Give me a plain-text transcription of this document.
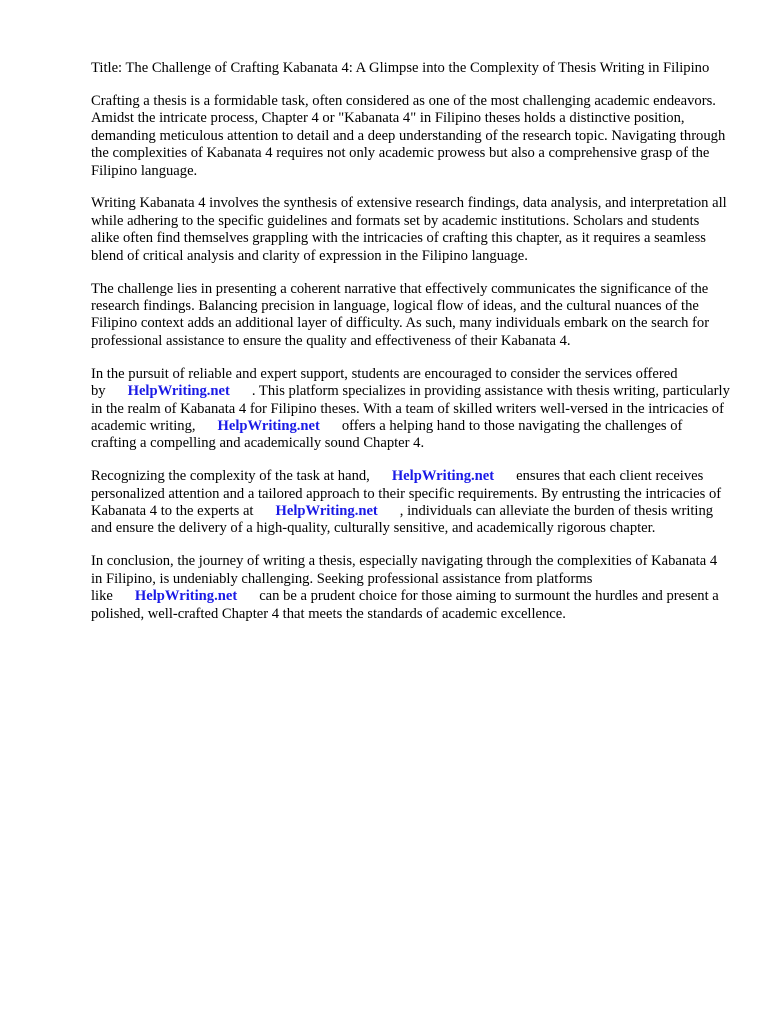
Title: The Challenge of Crafting Kabanata 4: A Glimpse into the Complexity of Thesis Writing in Filipino

Crafting a thesis is a formidable task, often considered as one of the most challenging academic endeavors. Amidst the intricate process, Chapter 4 or "Kabanata 4" in Filipino theses holds a distinctive position, demanding meticulous attention to detail and a deep understanding of the research topic. Navigating through the complexities of Kabanata 4 requires not only academic prowess but also a comprehensive grasp of the Filipino language.

Writing Kabanata 4 involves the synthesis of extensive research findings, data analysis, and interpretation all while adhering to the specific guidelines and formats set by academic institutions. Scholars and students alike often find themselves grappling with the intricacies of crafting this chapter, as it requires a seamless blend of critical analysis and clarity of expression in the Filipino language.

The challenge lies in presenting a coherent narrative that effectively communicates the significance of the research findings. Balancing precision in language, logical flow of ideas, and the cultural nuances of the Filipino context adds an additional layer of difficulty. As such, many individuals embark on the search for professional assistance to ensure the quality and effectiveness of their Kabanata 4.

In the pursuit of reliable and expert support, students are encouraged to consider the services offered by HelpWriting.net . This platform specializes in providing assistance with thesis writing, particularly in the realm of Kabanata 4 for Filipino theses. With a team of skilled writers well-versed in the intricacies of academic writing, HelpWriting.net offers a helping hand to those navigating the challenges of crafting a compelling and academically sound Chapter 4.

Recognizing the complexity of the task at hand, HelpWriting.net ensures that each client receives personalized attention and a tailored approach to their specific requirements. By entrusting the intricacies of Kabanata 4 to the experts at HelpWriting.net , individuals can alleviate the burden of thesis writing and ensure the delivery of a high-quality, culturally sensitive, and academically rigorous chapter.

In conclusion, the journey of writing a thesis, especially navigating through the complexities of Kabanata 4 in Filipino, is undeniably challenging. Seeking professional assistance from platforms like HelpWriting.net can be a prudent choice for those aiming to surmount the hurdles and present a polished, well-crafted Chapter 4 that meets the standards of academic excellence.
